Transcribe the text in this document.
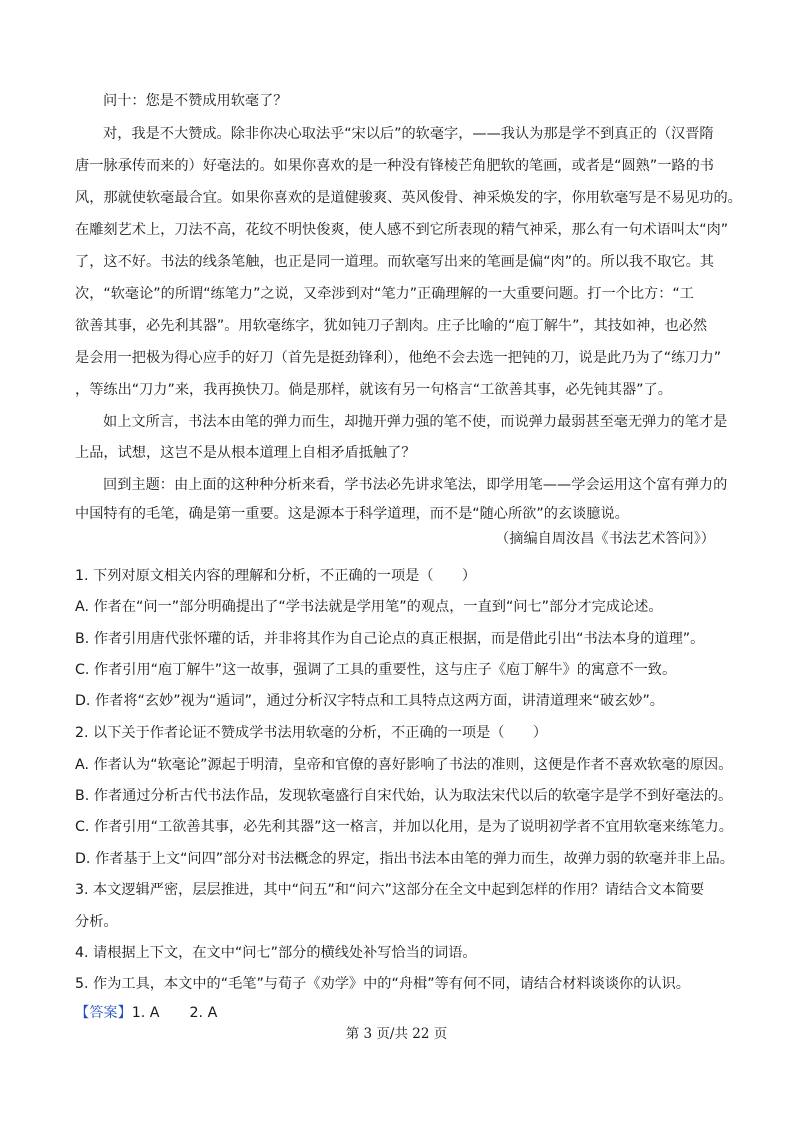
问十：您是不赞成用软毫了？
对，我是不大赞成。除非你决心取法乎“宋以后”的软毫字，——我认为那是学不到真正的（汉晋隋
唐一脉承传而来的）好毫法的。如果你喜欢的是一种没有锋棱芒角肥软的笔画，或者是“圆熟”一路的书
风，那就使软毫最合宜。如果你喜欢的是道健骏爽、英风俊骨、神采焕发的字，你用软毫写是不易见功的。
在雕刻艺术上，刀法不高，花纹不明快俊爽，使人感不到它所表现的精气神采，那么有一句术语叫太“肉”
了，这不好。书法的线条笔触，也正是同一道理。而软毫写出来的笔画是偏“肉”的。所以我不取它。其
次，“软毫论”的所谓“练笔力”之说，又牵涉到对“笔力”正确理解的一大重要问题。打一个比方：“工
欲善其事，必先利其器”。用软毫练字，犹如钝刀子割肉。庄子比喻的“庖丁解牛”，其技如神，也必然
是会用一把极为得心应手的好刀（首先是挺劲锋利），他绝不会去选一把钝的刀，说是此乃为了“练刀力”
，等练出“刀力”来，我再换快刀。倘是那样，就该有另一句格言“工欲善其事，必先钝其器”了。
如上文所言，书法本由笔的弹力而生，却抛开弹力强的笔不使，而说弹力最弱甚至毫无弹力的笔才是
上品，试想，这岂不是从根本道理上自相矛盾抵触了？
回到主题：由上面的这种种分析来看，学书法必先讲求笔法，即学用笔——学会运用这个富有弹力的
中国特有的毛笔，确是第一重要。这是源本于科学道理，而不是“随心所欲”的玄谈臆说。
（摘编自周汝昌《书法艺术答问》）
1. 下列对原文相关内容的理解和分析，不正确的一项是（　　）
A. 作者在“问一”部分明确提出了“学书法就是学用笔”的观点，一直到“问七”部分才完成论述。
B. 作者引用唐代张怀瓘的话，并非将其作为自己论点的真正根据，而是借此引出“书法本身的道理”。
C. 作者引用“庖丁解牛”这一故事，强调了工具的重要性，这与庄子《庖丁解牛》的寓意不一致。
D. 作者将“玄妙”视为“遁词”，通过分析汉字特点和工具特点这两方面，讲清道理来“破玄妙”。
2. 以下关于作者论证不赞成学书法用软毫的分析，不正确的一项是（　　）
A. 作者认为“软毫论”源起于明清，皇帝和官僚的喜好影响了书法的准则，这便是作者不喜欢软毫的原因。
B. 作者通过分析古代书法作品，发现软毫盛行自宋代始，认为取法宋代以后的软毫字是学不到好毫法的。
C. 作者引用“工欲善其事，必先利其器”这一格言，并加以化用，是为了说明初学者不宜用软毫来练笔力。
D. 作者基于上文“问四”部分对书法概念的界定，指出书法本由笔的弹力而生，故弹力弱的软毫并非上品。
3. 本文逻辑严密，层层推进，其中“问五”和“问六”这部分在全文中起到怎样的作用？请结合文本简要
分析。
4. 请根据上下文，在文中“问七”部分的横线处补写恰当的词语。
5. 作为工具，本文中的“毛笔”与荀子《劝学》中的“舟楫”等有何不同，请结合材料谈谈你的认识。
【答案】1. A 2. A
第 3 页/共 22 页
